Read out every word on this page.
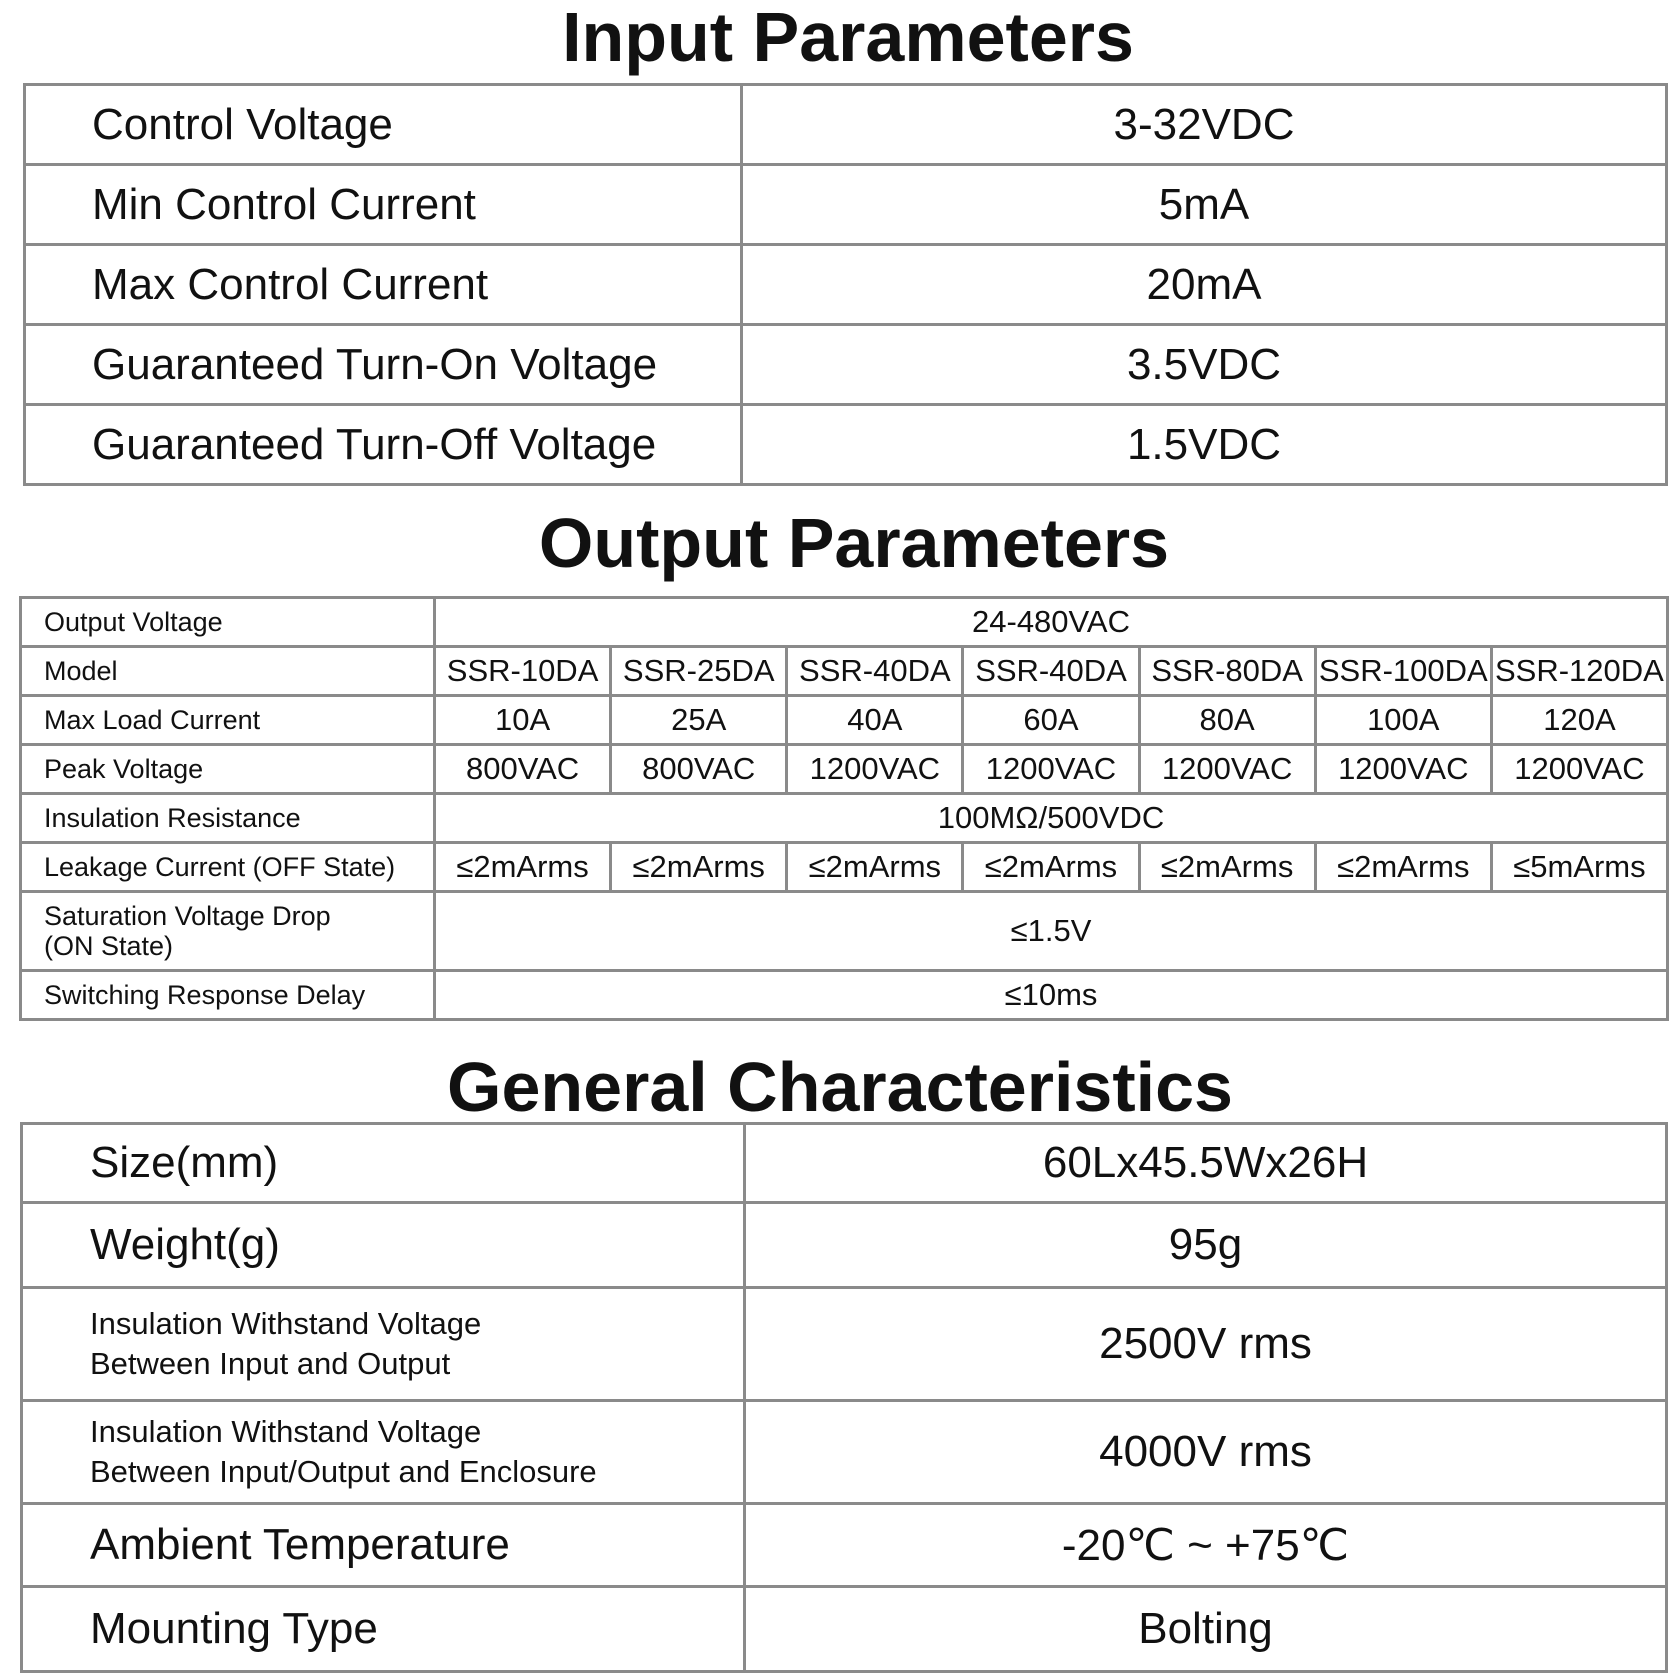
Input Parameters
Control Voltage	3-32VDC
Min Control Current	5mA
Max Control Current	20mA
Guaranteed Turn-On Voltage	3.5VDC
Guaranteed Turn-Off Voltage	1.5VDC
Output Parameters
Output Voltage	24-480VAC						
Model	SSR-10DA	SSR-25DA	SSR-40DA	SSR-40DA	SSR-80DA	SSR-100DA	SSR-120DA
Max Load Current	10A	25A	40A	60A	80A	100A	120A
Peak Voltage	800VAC	800VAC	1200VAC	1200VAC	1200VAC	1200VAC	1200VAC
Insulation Resistance	100MΩ/500VDC						
Leakage Current (OFF State)	≤2mArms	≤2mArms	≤2mArms	≤2mArms	≤2mArms	≤2mArms	≤5mArms

Saturation Voltage Drop
(ON State)	≤1.5V						
Switching Response Delay	≤10ms						
General Characteristics
Size(mm)	60Lx45.5Wx26H
Weight(g)	95g

Insulation Withstand Voltage
Between Input and Output	2500V rms

Insulation Withstand Voltage
Between Input/Output and Enclosure	4000V rms
Ambient Temperature	-20℃ ~ +75℃
Mounting Type	Bolting
